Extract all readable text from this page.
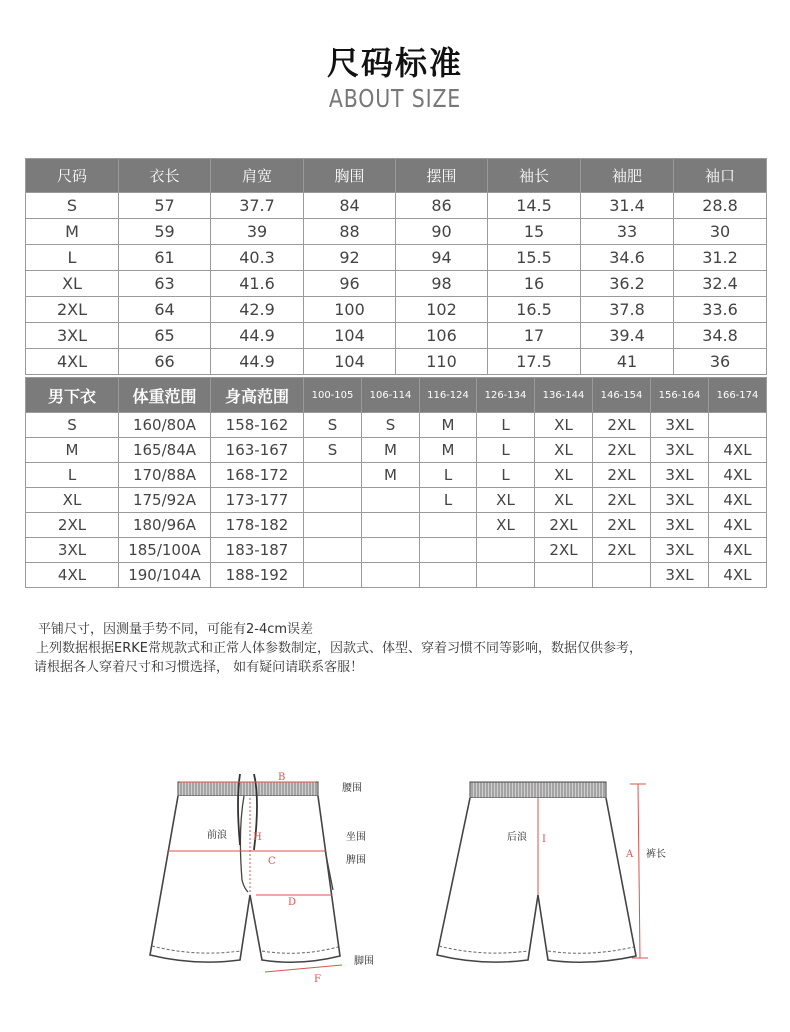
尺码标准
ABOUT SIZE
尺码	衣长	肩宽	胸围	摆围	袖长	袖肥	袖口
S	57	37.7	84	86	14.5	31.4	28.8
M	59	39	88	90	15	33	30
L	61	40.3	92	94	15.5	34.6	31.2
XL	63	41.6	96	98	16	36.2	32.4
2XL	64	42.9	100	102	16.5	37.8	33.6
3XL	65	44.9	104	106	17	39.4	34.8
4XL	66	44.9	104	110	17.5	41	36
男下衣	体重范围	身高范围	100-105	106-114	116-124	126-134	136-144	146-154	156-164	166-174
S	160/80A	158-162	S	S	M	L	XL	2XL	3XL	
M	165/84A	163-167	S	M	M	L	XL	2XL	3XL	4XL
L	170/88A	168-172		M	L	L	XL	2XL	3XL	4XL
XL	175/92A	173-177			L	XL	XL	2XL	3XL	4XL
2XL	180/96A	178-182				XL	2XL	2XL	3XL	4XL
3XL	185/100A	183-187					2XL	2XL	3XL	4XL
4XL	190/104A	188-192							3XL	4XL

平铺尺寸，因测量手势不同，可能有2-4cm误差

上列数据根据ERKE常规款式和正常人体参数制定，因款式、体型、穿着习惯不同等影响，数据仅供参考，

请根据各人穿着尺寸和习惯选择， 如有疑问请联系客服！

B
H
C
D
F
腰围
前浪	坐围
脾围
脚围
I
A
后浪
裤长
